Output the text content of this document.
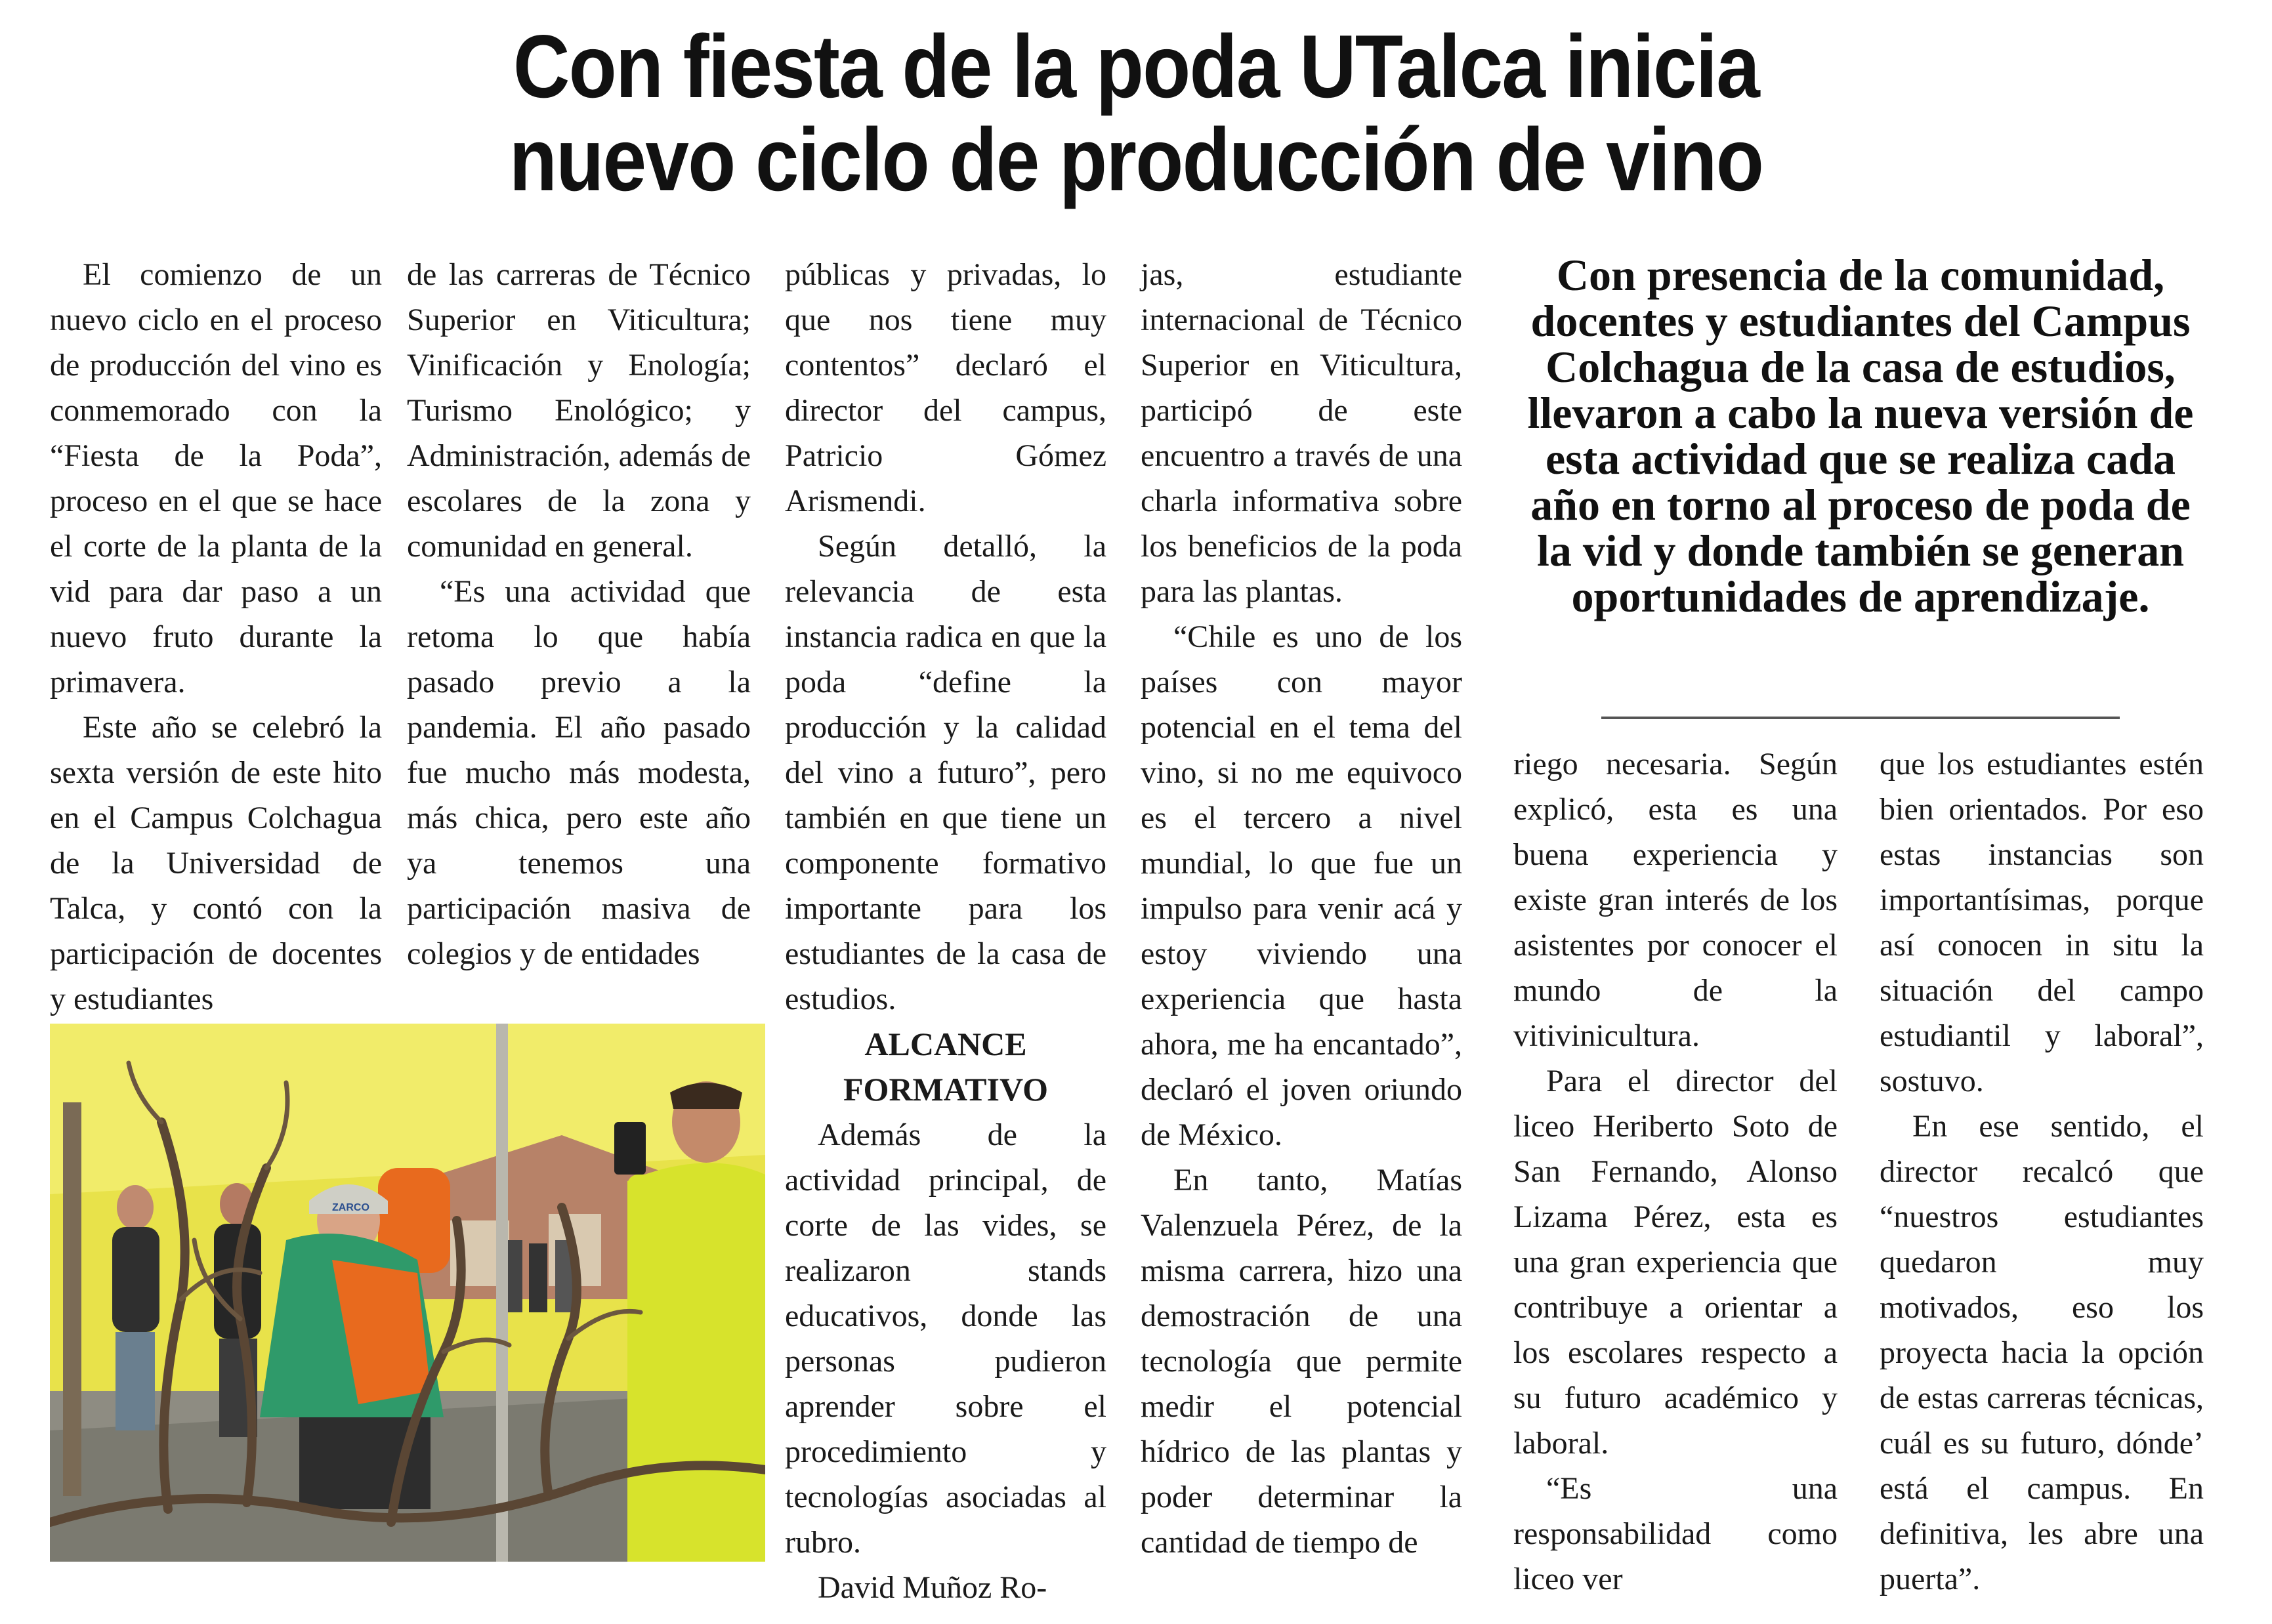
Con fiesta de la poda UTalca inicia
nuevo ciclo de producción de vino

El comienzo de un nuevo ciclo en el proceso de producción del vino es conmemorado con la “Fiesta de la Poda”, proceso en el que se hace el corte de la planta de la vid para dar paso a un nuevo fruto durante la primavera.

Este año se celebró la sexta versión de este hito en el Campus Colchagua de la Universidad de Talca, y contó con la participación de docentes y estudiantes

de las carreras de Técnico Superior en Viticultura; Vinificación y Enología; Turismo Enológico; y Administración, además de escolares de la zona y comunidad en general.

“Es una actividad que retoma lo que había pasado previo a la pandemia. El año pasado fue mucho más modesta, más chica, pero este año ya tenemos una participación masiva de colegios y de entidades

públicas y privadas, lo que nos tiene muy contentos” declaró el director del campus, Patricio Gómez Arismendi.

Según detalló, la relevancia de esta instancia radica en que la poda “define la producción y la calidad del vino a futuro”, pero también en que tiene un componente formativo importante para los estudiantes de la casa de estudios.

ALCANCE FORMATIVO

Además de la actividad principal, de corte de las vides, se realizaron stands educativos, donde las personas pudieron aprender sobre el procedimiento y tecnologías asociadas al rubro.

David Muñoz Ro-

jas, estudiante internacional de Técnico Superior en Viticultura, participó de este encuentro a través de una charla informativa sobre los beneficios de la poda para las plantas.

“Chile es uno de los países con mayor potencial en el tema del vino, si no me equivoco es el tercero a nivel mundial, lo que fue un impulso para venir acá y estoy viviendo una experiencia que hasta ahora, me ha encantado”, declaró el joven oriundo de México.

En tanto, Matías Valenzuela Pérez, de la misma carrera, hizo una demostración de una tecnología que permite medir el potencial hídrico de las plantas y poder determinar la cantidad de tiempo de

Con presencia de la comunidad, docentes y estudiantes del Campus Colchagua de la casa de estudios, llevaron a cabo la nueva versión de esta actividad que se realiza cada año en torno al proceso de poda de la vid y donde también se generan oportunidades de aprendizaje.

riego necesaria. Según explicó, esta es una buena experiencia y existe gran interés de los asistentes por conocer el mundo de la vitivinicultura.

Para el director del liceo Heriberto Soto de San Fernando, Alonso Lizama Pérez, esta es una gran experiencia que contribuye a orientar a los escolares respecto a su futuro académico y laboral.

“Es una responsabilidad como liceo ver

que los estudiantes estén bien orientados. Por eso estas instancias son importantísimas, porque así conocen in situ la situación del campo estudiantil y laboral”, sostuvo.

En ese sentido, el director recalcó que “nuestros estudiantes quedaron muy motivados, eso los proyecta hacia la opción de estas carreras técnicas, cuál es su futuro, dónde’ está el campus. En definitiva, les abre una puerta”.

ZARCO
